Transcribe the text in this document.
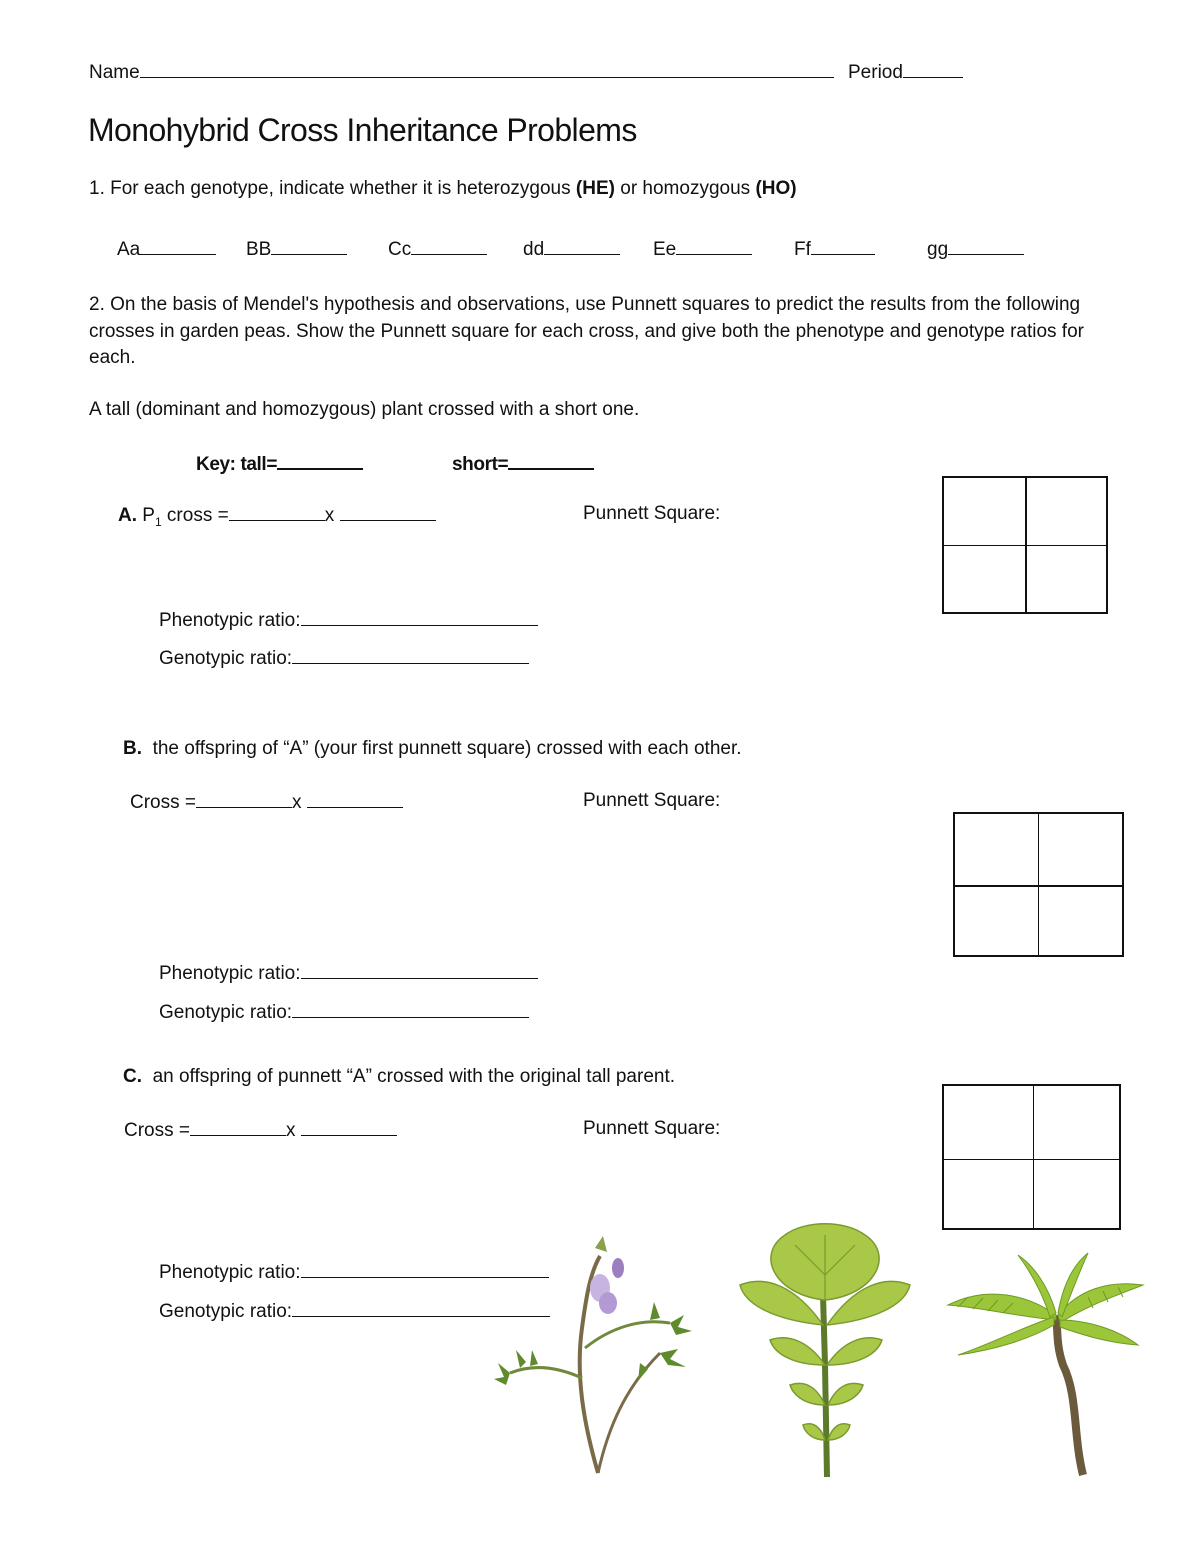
Name	Period
Monohybrid Cross Inheritance Problems
1. For each genotype, indicate whether it is heterozygous (HE) or homozygous (HO)
Aa	BB	Cc	dd	Ee	Ff	gg
2. On the basis of Mendel's hypothesis and observations, use Punnett squares to predict the results from the following crosses in garden peas. Show the Punnett square for each cross, and give both the phenotype and genotype ratios for each.
A tall (dominant and homozygous) plant crossed with a short one.
Key: tall=	short=
A. $P_1$ cross =	x	Punnett Square:
Phenotypic ratio:
Genotypic ratio:
B. the offspring of “A” (your first punnett square) crossed with each other.
Cross =	x	Punnett Square:
Phenotypic ratio:
Genotypic ratio:
C. an offspring of punnett “A” crossed with the original tall parent.
Cross =	x	Punnett Square:
Phenotypic ratio:
Genotypic ratio:
